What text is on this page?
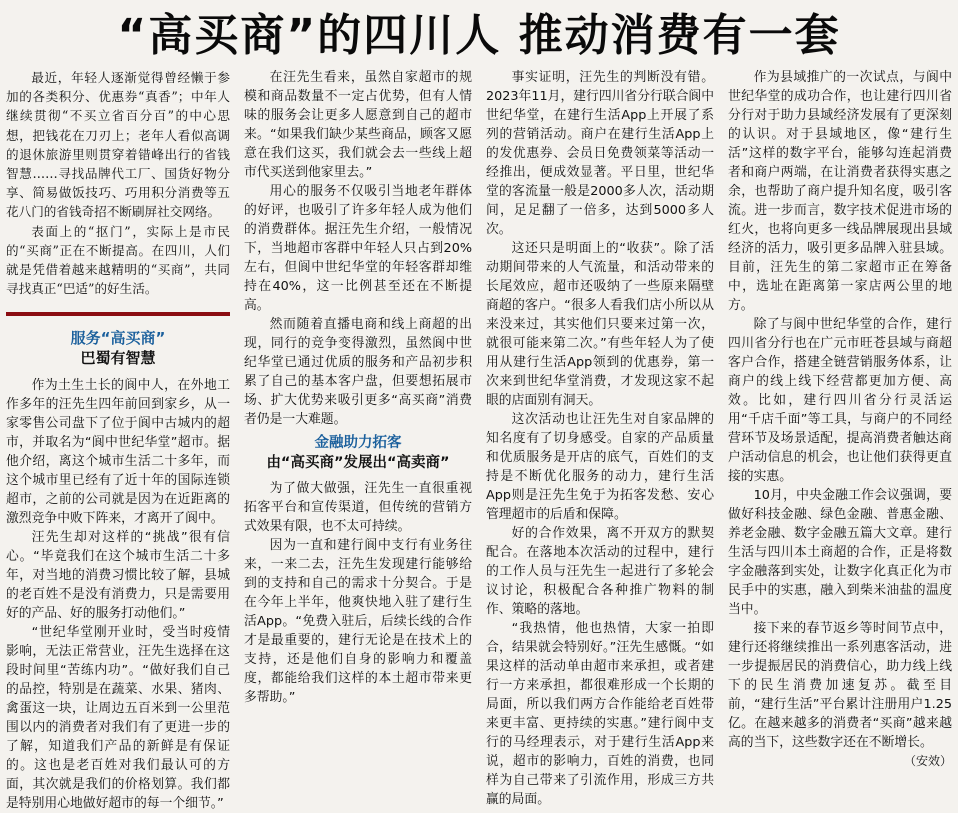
“高买商”的四川人 推动消费有一套

最近，年轻人逐渐觉得曾经懒于参加的各类积分、优惠券“真香”；中年人继续贯彻“不买立省百分百”的中心思想，把钱花在刀刃上；老年人看似高调的退休旅游里则贯穿着错峰出行的省钱智慧……寻找品牌代工厂、国货好物分享、简易做饭技巧、巧用积分消费等五花八门的省钱奇招不断刷屏社交网络。

表面上的“抠门”，实际上是市民的“买商”正在不断提高。在四川，人们就是凭借着越来越精明的“买商”，共同寻找真正“巴适”的好生活。

服务“高买商”
巴蜀有智慧

作为土生土长的阆中人，在外地工作多年的汪先生四年前回到家乡，从一家零售公司盘下了位于阆中古城内的超市，并取名为“阆中世纪华堂”超市。据他介绍，离这个城市生活二十多年，而这个城市里已经有了近十年的国际连锁超市，之前的公司就是因为在近距离的激烈竞争中败下阵来，才离开了阆中。

汪先生却对这样的“挑战”很有信心。“毕竟我们在这个城市生活二十多年，对当地的消费习惯比较了解，县城的老百姓不是没有消费力，只是需要用好的产品、好的服务打动他们。”

“世纪华堂刚开业时，受当时疫情影响，无法正常营业，汪先生选择在这段时间里“苦练内功”。“做好我们自己的品控，特别是在蔬菜、水果、猪肉、禽蛋这一块，让周边五百米到一公里范围以内的消费者对我们有了更进一步的了解，知道我们产品的新鲜是有保证的。这也是老百姓对我们最认可的方面，其次就是我们的价格划算。我们都是特别用心地做好超市的每一个细节。”

在汪先生看来，虽然自家超市的规模和商品数量不一定占优势，但有人情味的服务会让更多人愿意到自己的超市来。“如果我们缺少某些商品，顾客又愿意在我们这买，我们就会去一些线上超市代买送到他家里去。”

用心的服务不仅吸引当地老年群体的好评，也吸引了许多年轻人成为他们的消费群体。据汪先生介绍，一般情况下，当地超市客群中年轻人只占到20%左右，但阆中世纪华堂的年轻客群却维持在40%，这一比例甚至还在不断提高。

然而随着直播电商和线上商超的出现，同行的竞争变得激烈，虽然阆中世纪华堂已通过优质的服务和产品初步积累了自己的基本客户盘，但要想拓展市场、扩大优势来吸引更多“高买商”消费者仍是一大难题。

金融助力拓客
由“高买商”发展出“高卖商”

为了做大做强，汪先生一直很重视拓客平台和宣传渠道，但传统的营销方式效果有限，也不太可持续。

因为一直和建行阆中支行有业务往来，一来二去，汪先生发现建行能够给到的支持和自己的需求十分契合。于是在今年上半年，他爽快地入驻了建行生活App。“免费入驻后，后续长线的合作才是最重要的，建行无论是在技术上的支持，还是他们自身的影响力和覆盖度，都能给我们这样的本土超市带来更多帮助。”

事实证明，汪先生的判断没有错。2023年11月，建行四川省分行联合阆中世纪华堂，在建行生活App上开展了系列的营销活动。商户在建行生活App上的发优惠券、会员日免费领菜等活动一经推出，便成效显著。平日里，世纪华堂的客流量一般是2000多人次，活动期间，足足翻了一倍多，达到5000多人次。

这还只是明面上的“收获”。除了活动期间带来的人气流量，和活动带来的长尾效应，超市还吸纳了一些原来隔壁商超的客户。“很多人看我们店小所以从来没来过，其实他们只要来过第一次，就很可能来第二次。”有些年轻人为了使用从建行生活App领到的优惠券，第一次来到世纪华堂消费，才发现这家不起眼的店面别有洞天。

这次活动也让汪先生对自家品牌的知名度有了切身感受。自家的产品质量和优质服务是开店的底气，百姓们的支持是不断优化服务的动力，建行生活App则是汪先生免于为拓客发愁、安心管理超市的后盾和保障。

好的合作效果，离不开双方的默契配合。在落地本次活动的过程中，建行的工作人员与汪先生一起进行了多轮会议讨论，积极配合各种推广物料的制作、策略的落地。

“我热情，他也热情，大家一拍即合，结果就会特别好。”汪先生感慨。“如果这样的活动单由超市来承担，或者建行一方来承担，都很难形成一个长期的局面，所以我们两方合作能给老百姓带来更丰富、更持续的实惠。”建行阆中支行的马经理表示，对于建行生活App来说，超市的影响力，百姓的消费，也同样为自己带来了引流作用，形成三方共赢的局面。

作为县域推广的一次试点，与阆中世纪华堂的成功合作，也让建行四川省分行对于助力县域经济发展有了更深刻的认识。对于县域地区，像“建行生活”这样的数字平台，能够勾连起消费者和商户两端，在让消费者获得实惠之余，也帮助了商户提升知名度，吸引客流。进一步而言，数字技术促进市场的红火，也将向更多一线品牌展现出县域经济的活力，吸引更多品牌入驻县域。目前，汪先生的第二家超市正在筹备中，选址在距离第一家店两公里的地方。

除了与阆中世纪华堂的合作，建行四川省分行也在广元市旺苍县域与商超客户合作，搭建全链营销服务体系，让商户的线上线下经营都更加方便、高效。比如，建行四川省分行灵活运用“千店千面”等工具，与商户的不同经营环节及场景适配，提高消费者触达商户活动信息的机会，也让他们获得更直接的实惠。

10月，中央金融工作会议强调，要做好科技金融、绿色金融、普惠金融、养老金融、数字金融五篇大文章。建行生活与四川本土商超的合作，正是将数字金融落到实处，让数字化真正化为市民手中的实惠，融入到柴米油盐的温度当中。

接下来的春节返乡等时间节点中，建行还将继续推出一系列惠客活动，进一步提振居民的消费信心，助力线上线下的民生消费加速复苏。截至目前，“建行生活”平台累计注册用户1.25亿。在越来越多的消费者“买商”越来越高的当下，这些数字还在不断增长。

（安效）
